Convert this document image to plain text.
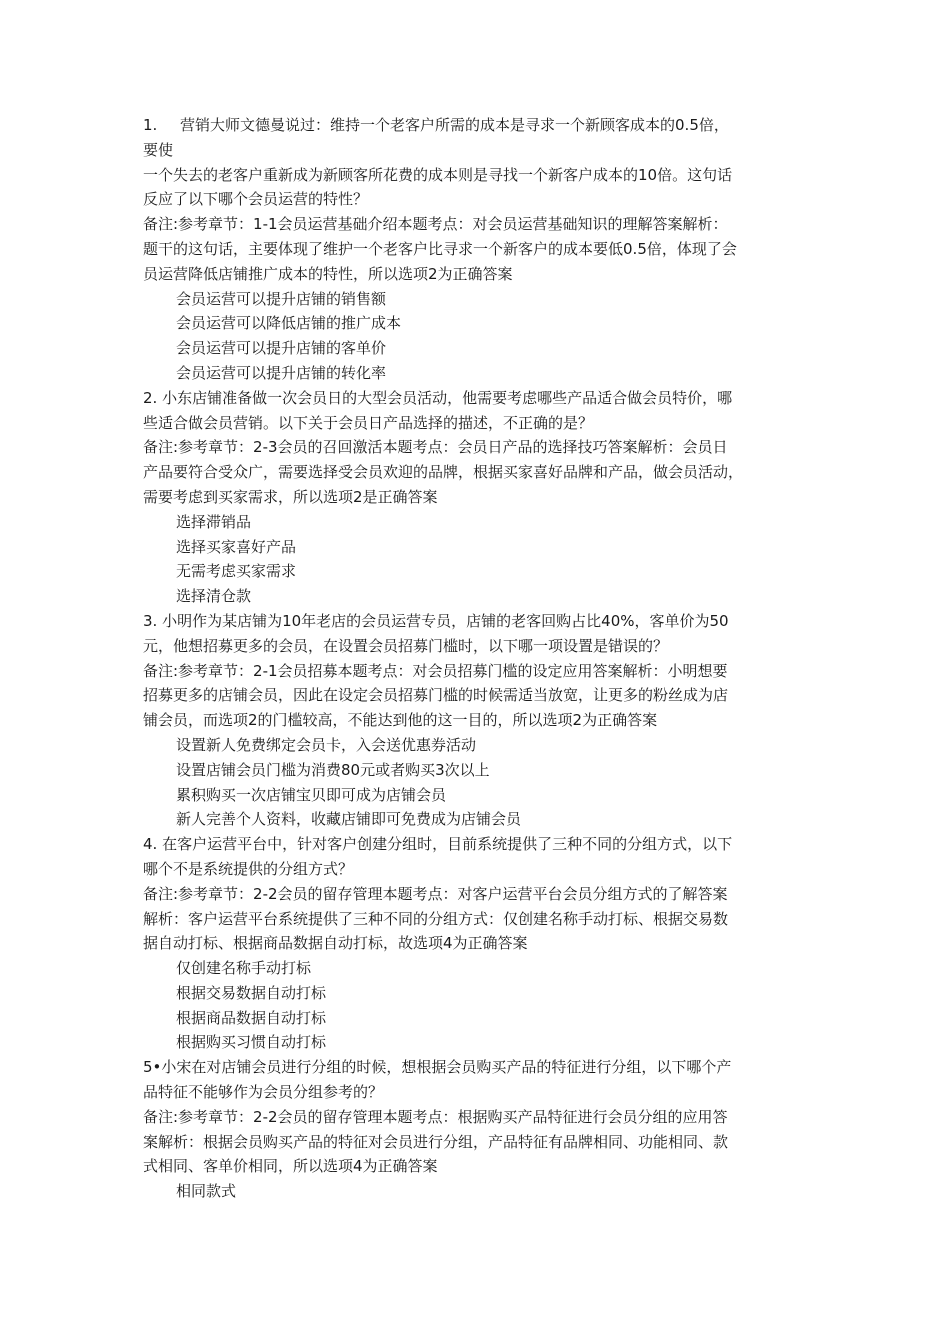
1.	营销大师文德曼说过：维持一个老客户所需的成本是寻求一个新顾客成本的0.5倍，
要使
一个失去的老客户重新成为新顾客所花费的成本则是寻找一个新客户成本的10倍。这句话
反应了以下哪个会员运营的特性？
备注:参考章节：1-1会员运营基础介绍本题考点：对会员运营基础知识的理解答案解析：
题干的这句话，主要体现了维护一个老客户比寻求一个新客户的成本要低0.5倍，体现了会
员运营降低店铺推广成本的特性，所以选项2为正确答案
会员运营可以提升店铺的销售额
会员运营可以降低店铺的推广成本
会员运营可以提升店铺的客单价
会员运营可以提升店铺的转化率
2. 小东店铺准备做一次会员日的大型会员活动，他需要考虑哪些产品适合做会员特价，哪
些适合做会员营销。以下关于会员日产品选择的描述，不正确的是？
备注:参考章节：2-3会员的召回激活本题考点：会员日产品的选择技巧答案解析：会员日
产品要符合受众广，需要选择受会员欢迎的品牌，根据买家喜好品牌和产品，做会员活动，
需要考虑到买家需求，所以选项2是正确答案
选择滞销品
选择买家喜好产品
无需考虑买家需求
选择清仓款
3. 小明作为某店铺为10年老店的会员运营专员，店铺的老客回购占比40%，客单价为50
元，他想招募更多的会员，在设置会员招募门槛时，以下哪一项设置是错误的？
备注:参考章节：2-1会员招募本题考点：对会员招募门槛的设定应用答案解析：小明想要
招募更多的店铺会员，因此在设定会员招募门槛的时候需适当放宽，让更多的粉丝成为店
铺会员，而选项2的门槛较高，不能达到他的这一目的，所以选项2为正确答案
设置新人免费绑定会员卡，入会送优惠券活动
设置店铺会员门槛为消费80元或者购买3次以上
累积购买一次店铺宝贝即可成为店铺会员
新人完善个人资料，收藏店铺即可免费成为店铺会员
4. 在客户运营平台中，针对客户创建分组时，目前系统提供了三种不同的分组方式，以下
哪个不是系统提供的分组方式？
备注:参考章节：2-2会员的留存管理本题考点：对客户运营平台会员分组方式的了解答案
解析：客户运营平台系统提供了三种不同的分组方式：仅创建名称手动打标、根据交易数
据自动打标、根据商品数据自动打标，故选项4为正确答案
仅创建名称手动打标
根据交易数据自动打标
根据商品数据自动打标
根据购买习惯自动打标
5•小宋在对店铺会员进行分组的时候，想根据会员购买产品的特征进行分组，以下哪个产
品特征不能够作为会员分组参考的？
备注:参考章节：2-2会员的留存管理本题考点：根据购买产品特征进行会员分组的应用答
案解析：根据会员购买产品的特征对会员进行分组，产品特征有品牌相同、功能相同、款
式相同、客单价相同，所以选项4为正确答案
相同款式
